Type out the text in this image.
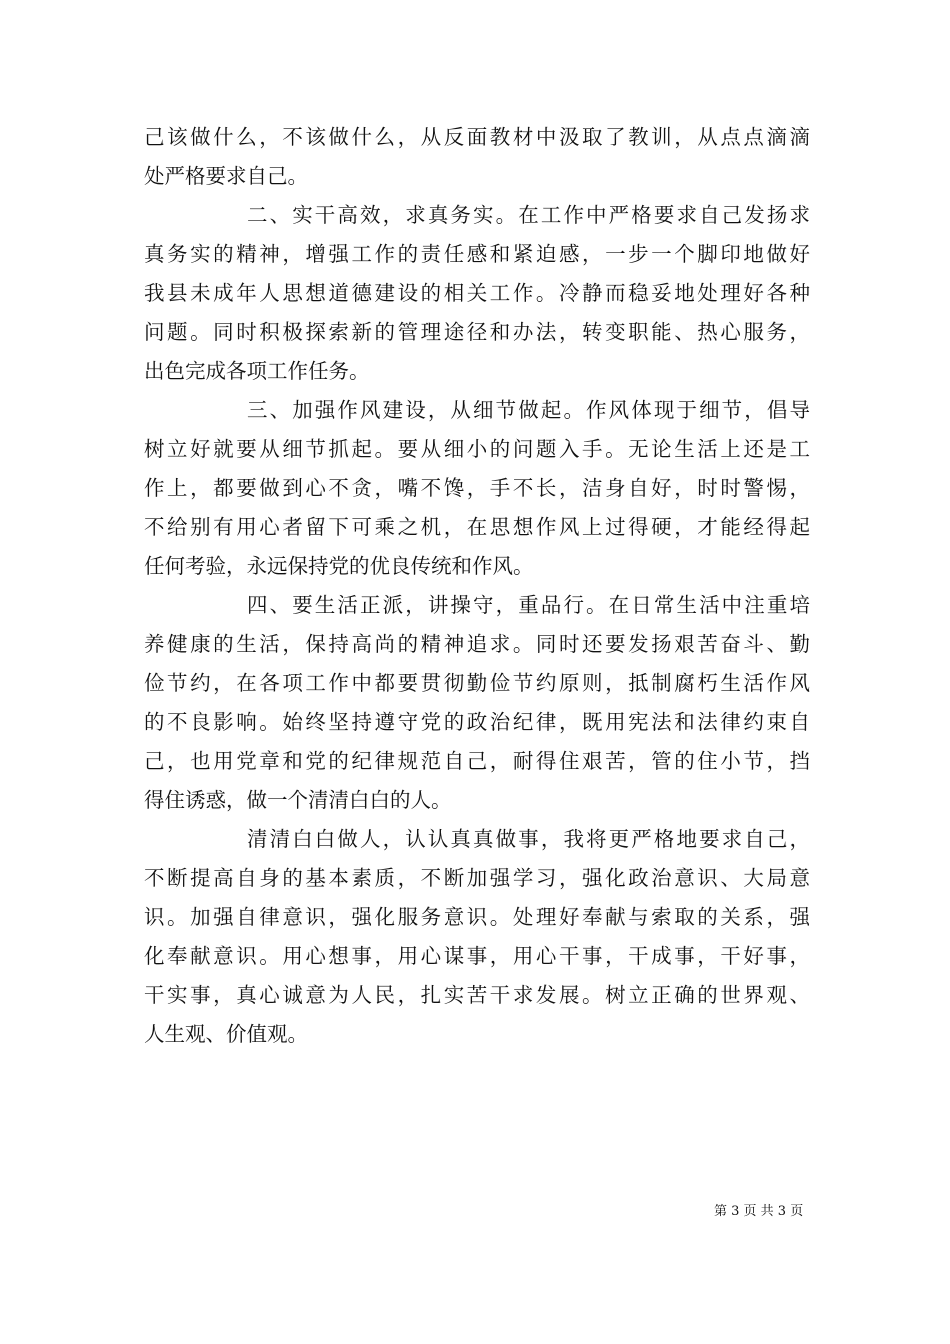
己该做什么，不该做什么，从反面教材中汲取了教训，从点点滴滴
处严格要求自己。
二、实干高效，求真务实。在工作中严格要求自己发扬求
真务实的精神，增强工作的责任感和紧迫感，一步一个脚印地做好
我县未成年人思想道德建设的相关工作。冷静而稳妥地处理好各种
问题。同时积极探索新的管理途径和办法，转变职能、热心服务，
出色完成各项工作任务。
三、加强作风建设，从细节做起。作风体现于细节，倡导
树立好就要从细节抓起。要从细小的问题入手。无论生活上还是工
作上，都要做到心不贪，嘴不馋，手不长，洁身自好，时时警惕，
不给别有用心者留下可乘之机，在思想作风上过得硬，才能经得起
任何考验，永远保持党的优良传统和作风。
四、要生活正派，讲操守，重品行。在日常生活中注重培
养健康的生活，保持高尚的精神追求。同时还要发扬艰苦奋斗、勤
俭节约，在各项工作中都要贯彻勤俭节约原则，抵制腐朽生活作风
的不良影响。始终坚持遵守党的政治纪律，既用宪法和法律约束自
己，也用党章和党的纪律规范自己，耐得住艰苦，管的住小节，挡
得住诱惑，做一个清清白白的人。
清清白白做人，认认真真做事，我将更严格地要求自己，
不断提高自身的基本素质，不断加强学习，强化政治意识、大局意
识。加强自律意识，强化服务意识。处理好奉献与索取的关系，强
化奉献意识。用心想事，用心谋事，用心干事，干成事，干好事，
干实事，真心诚意为人民，扎实苦干求发展。树立正确的世界观、
人生观、价值观。
第 3 页 共 3 页
